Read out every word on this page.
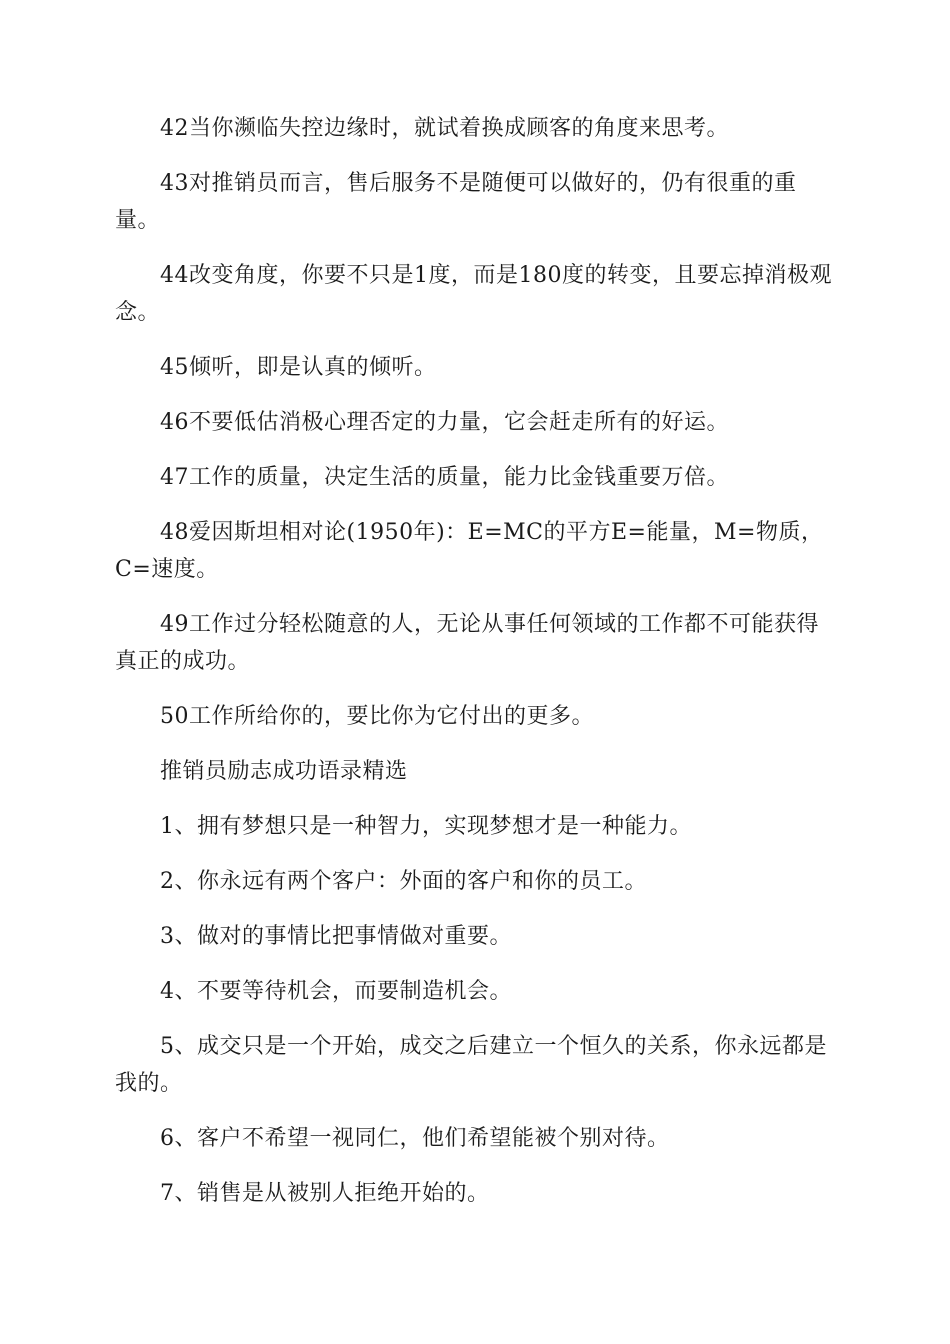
42当你濒临失控边缘时，就试着换成顾客的角度来思考。

43对推销员而言，售后服务不是随便可以做好的，仍有很重的重量。

44改变角度，你要不只是1度，而是180度的转变，且要忘掉消极观念。

45倾听，即是认真的倾听。

46不要低估消极心理否定的力量，它会赶走所有的好运。

47工作的质量，决定生活的质量，能力比金钱重要万倍。

48爱因斯坦相对论(1950年)：E=MC的平方E=能量，M=物质，C=速度。

49工作过分轻松随意的人，无论从事任何领域的工作都不可能获得真正的成功。

50工作所给你的，要比你为它付出的更多。

推销员励志成功语录精选

1、拥有梦想只是一种智力，实现梦想才是一种能力。

2、你永远有两个客户：外面的客户和你的员工。

3、做对的事情比把事情做对重要。

4、不要等待机会，而要制造机会。

5、成交只是一个开始，成交之后建立一个恒久的关系，你永远都是我的。

6、客户不希望一视同仁，他们希望能被个别对待。

7、销售是从被别人拒绝开始的。
